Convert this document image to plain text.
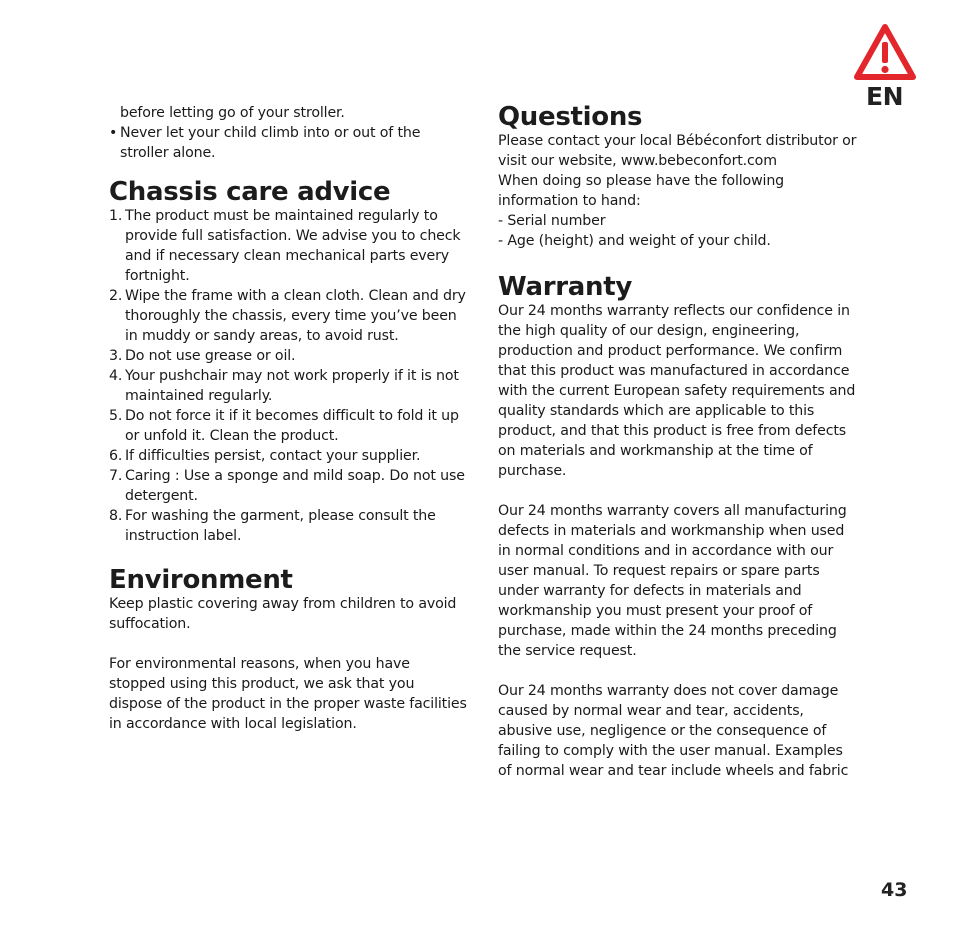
before letting go of your stroller.

• Never let your child climb into or out of the stroller alone.
Chassis care advice
1. The product must be maintained regularly to provide full satisfaction. We advise you to check and if necessary clean mechanical parts every fortnight.
2. Wipe the frame with a clean cloth. Clean and dry thoroughly the chassis, every time you’ve been in muddy or sandy areas, to avoid rust.
3. Do not use grease or oil.
4. Your pushchair may not work properly if it is not maintained regularly.
5. Do not force it if it becomes difficult to fold it up or unfold it. Clean the product.
6. If difficulties persist, contact your supplier.
7. Caring : Use a sponge and mild soap. Do not use detergent.
8. For washing the garment, please consult the instruction label.
Environment

Keep plastic covering away from children to avoid suffocation.

For environmental reasons, when you have stopped using this product, we ask that you dispose of the product in the proper waste facilities in accordance with local legislation.

Questions

Please contact your local Bébéconfort distributor or visit our website, www.bebeconfort.com

When doing so please have the following information to hand:

- Serial number

- Age (height) and weight of your child.

Warranty

Our 24 months warranty reflects our confidence in the high quality of our design, engineering, production and product performance. We confirm that this product was manufactured in accordance with the current European safety requirements and quality standards which are applicable to this product, and that this product is free from defects on materials and workmanship at the time of purchase.

Our 24 months warranty covers all manufacturing defects in materials and workmanship when used in normal conditions and in accordance with our user manual. To request repairs or spare parts under warranty for defects in materials and workmanship you must present your proof of purchase, made within the 24 months preceding the service request.

Our 24 months warranty does not cover damage caused by normal wear and tear, accidents, abusive use, negligence or the consequence of failing to comply with the user manual. Examples of normal wear and tear include wheels and fabric

EN
43
